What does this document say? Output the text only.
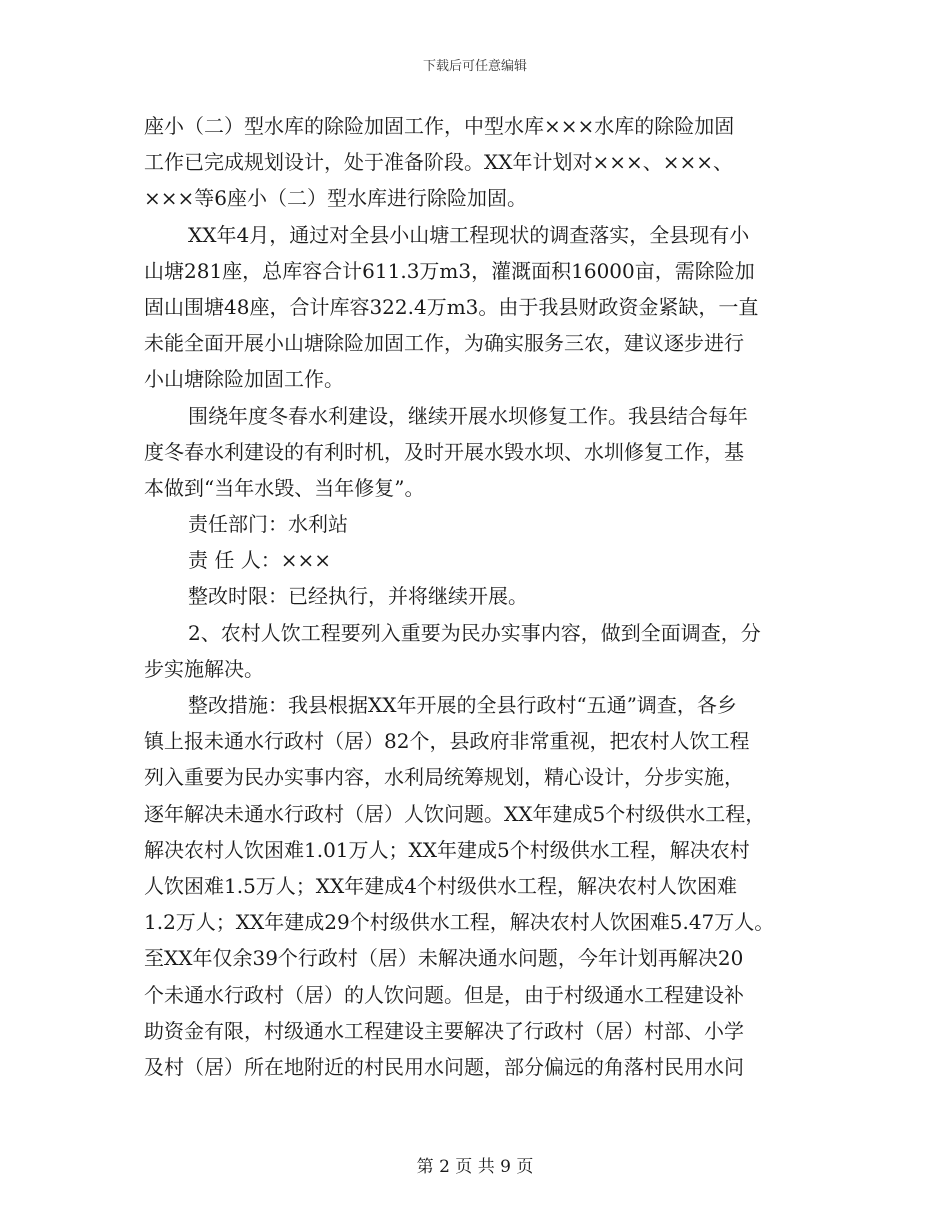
下载后可任意编辑
座小（二）型水库的除险加固工作，中型水库×××水库的除险加固
工作已完成规划设计，处于准备阶段。XX年计划对×××、×××、
×××等6座小（二）型水库进行除险加固。
XX年4月，通过对全县小山塘工程现状的调查落实，全县现有小
山塘281座，总库容合计611.3万m3，灌溉面积16000亩，需除险加
固山围塘48座，合计库容322.4万m3。由于我县财政资金紧缺，一直
未能全面开展小山塘除险加固工作，为确实服务三农，建议逐步进行
小山塘除险加固工作。
围绕年度冬春水利建设，继续开展水坝修复工作。我县结合每年
度冬春水利建设的有利时机，及时开展水毁水坝、水圳修复工作，基
本做到“当年水毁、当年修复”。
责任部门：水利站
责 任 人：×××
整改时限：已经执行，并将继续开展。
2、农村人饮工程要列入重要为民办实事内容，做到全面调查，分
步实施解决。
整改措施：我县根据XX年开展的全县行政村“五通”调查，各乡
镇上报未通水行政村（居）82个，县政府非常重视，把农村人饮工程
列入重要为民办实事内容，水利局统筹规划，精心设计，分步实施，
逐年解决未通水行政村（居）人饮问题。XX年建成5个村级供水工程，
解决农村人饮困难1.01万人；XX年建成5个村级供水工程，解决农村
人饮困难1.5万人；XX年建成4个村级供水工程，解决农村人饮困难
1.2万人；XX年建成29个村级供水工程，解决农村人饮困难5.47万人。
至XX年仅余39个行政村（居）未解决通水问题，今年计划再解决20
个未通水行政村（居）的人饮问题。但是，由于村级通水工程建设补
助资金有限，村级通水工程建设主要解决了行政村（居）村部、小学
及村（居）所在地附近的村民用水问题，部分偏远的角落村民用水问
第 2 页 共 9 页
